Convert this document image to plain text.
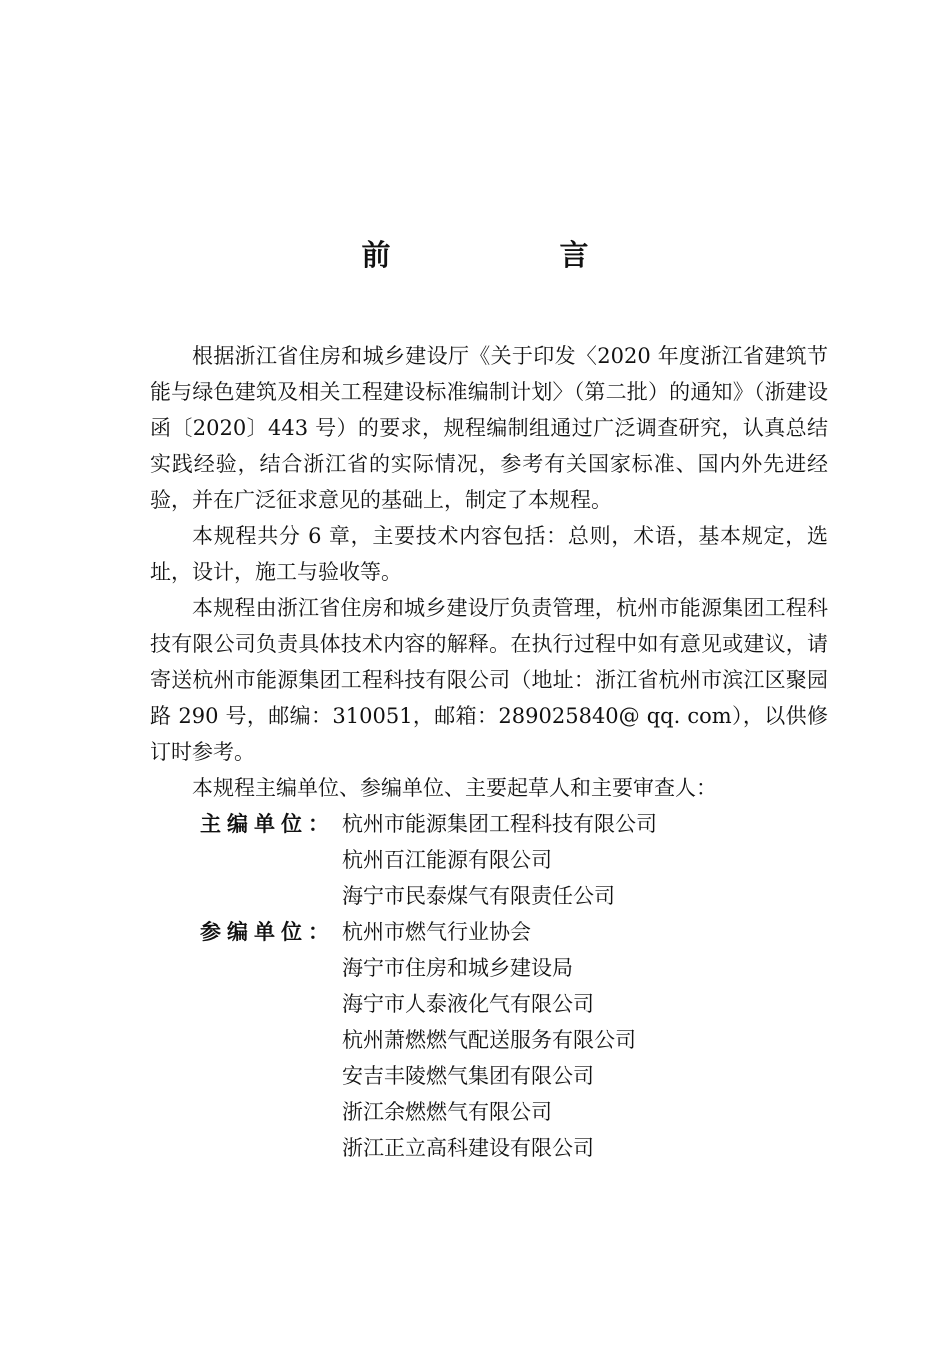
前　言

根据浙江省住房和城乡建设厅《关于印发〈2020 年度浙江省建筑节能与绿色建筑及相关工程建设标准编制计划〉（第二批）的通知》（浙建设函〔2020〕443 号）的要求，规程编制组通过广泛调查研究，认真总结实践经验，结合浙江省的实际情况，参考有关国家标准、国内外先进经验，并在广泛征求意见的基础上，制定了本规程。

本规程共分 6 章，主要技术内容包括：总则，术语，基本规定，选址，设计，施工与验收等。

本规程由浙江省住房和城乡建设厅负责管理，杭州市能源集团工程科技有限公司负责具体技术内容的解释。在执行过程中如有意见或建议，请寄送杭州市能源集团工程科技有限公司（地址：浙江省杭州市滨江区聚园路 290 号，邮编：310051，邮箱：289025840@ qq. com），以供修订时参考。

本规程主编单位、参编单位、主要起草人和主要审查人：

主编单位： 杭州市能源集团工程科技有限公司
杭州百江能源有限公司
海宁市民泰煤气有限责任公司
参编单位： 杭州市燃气行业协会
海宁市住房和城乡建设局
海宁市人泰液化气有限公司
杭州萧燃燃气配送服务有限公司
安吉丰陵燃气集团有限公司
浙江余燃燃气有限公司
浙江正立高科建设有限公司
